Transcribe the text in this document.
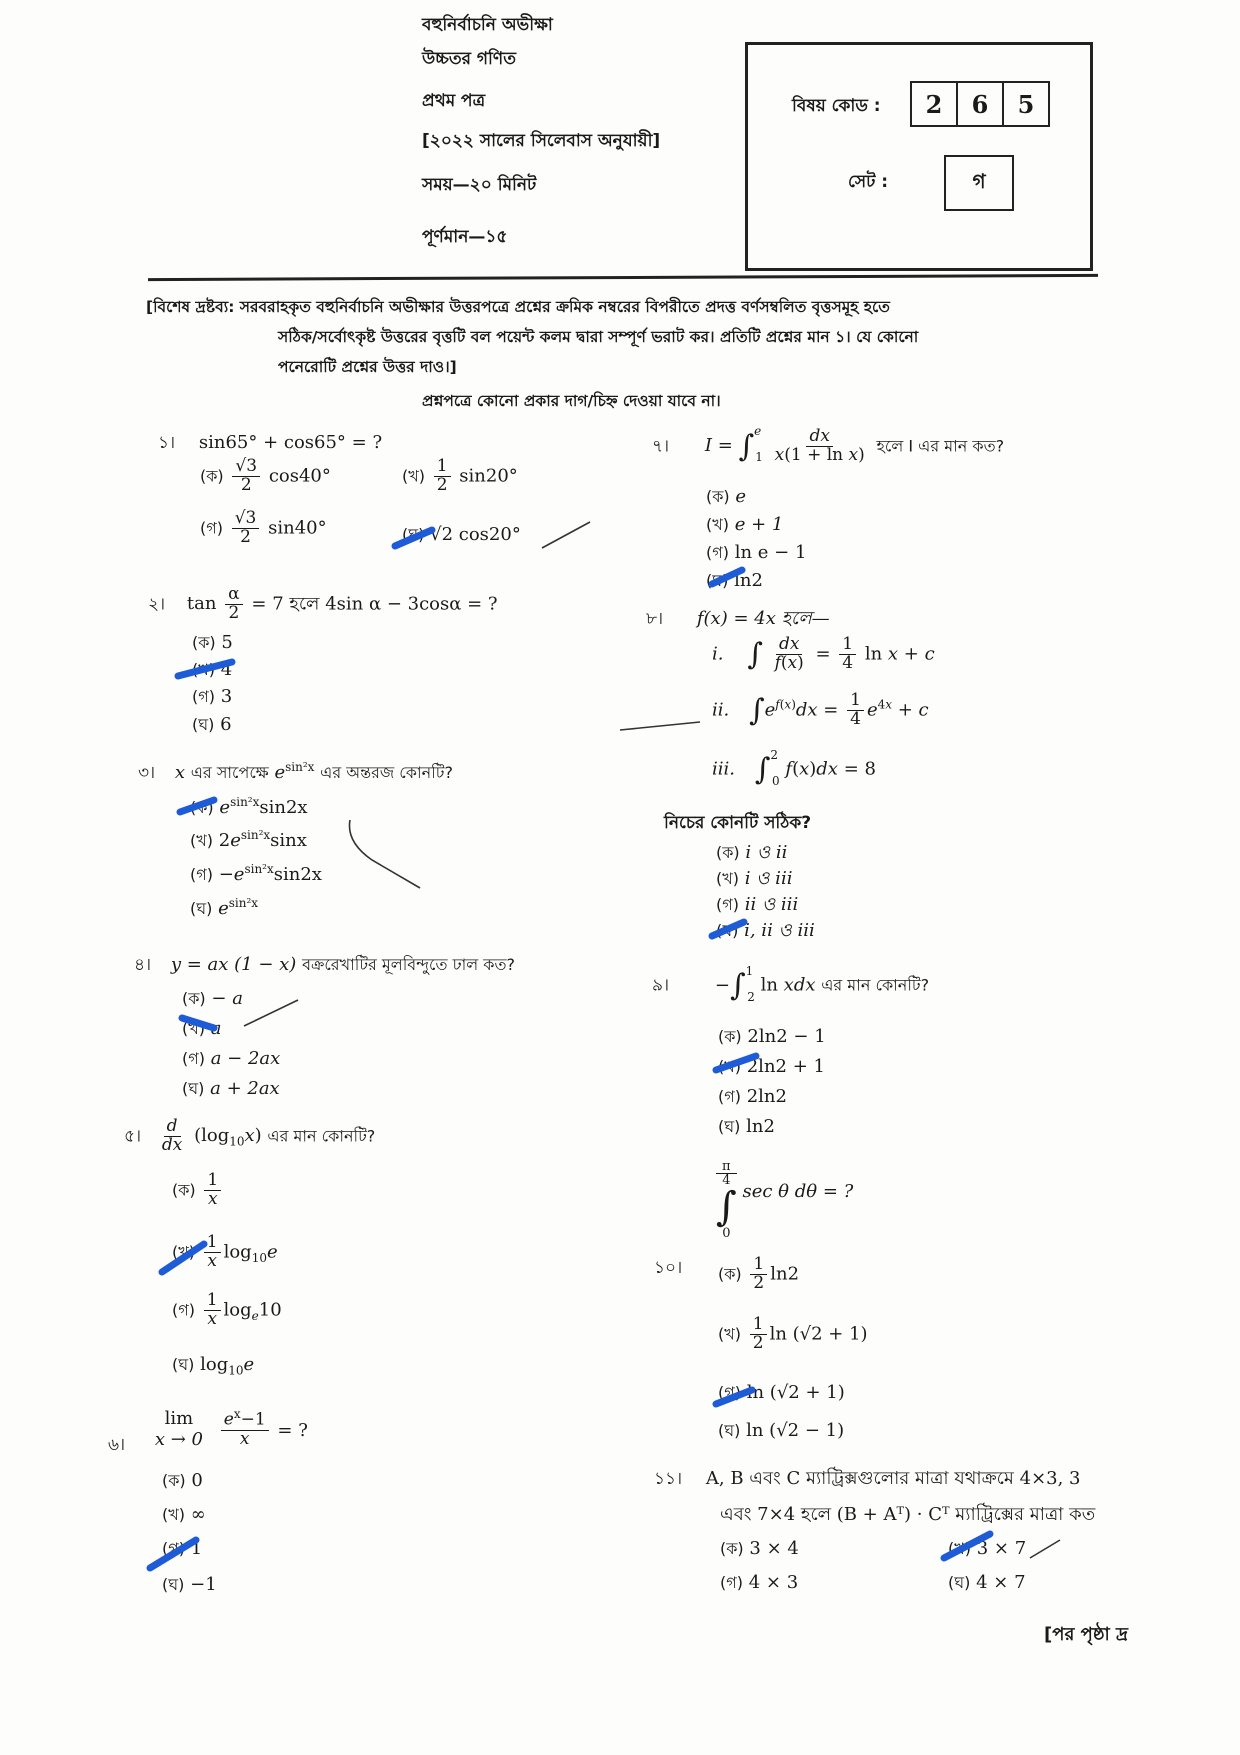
বহুনির্বাচনি অভীক্ষা
উচ্চতর গণিত
প্রথম পত্র
[২০২২ সালের সিলেবাস অনুযায়ী]
সময়—২০ মিনিট
পূর্ণমান—১৫
বিষয় কোড :	2	6	5
সেট :	গ
[বিশেষ দ্রষ্টব্য: সরবরাহকৃত বহুনির্বাচনি অভীক্ষার উত্তরপত্রে প্রশ্নের ক্রমিক নম্বরের বিপরীতে প্রদত্ত বর্ণসম্বলিত বৃত্তসমূহ হতে
সঠিক/সর্বোৎকৃষ্ট উত্তরের বৃত্তটি বল পয়েন্ট কলম দ্বারা সম্পূর্ণ ভরাট কর। প্রতিটি প্রশ্নের মান ১। যে কোনো
পনেরোটি প্রশ্নের উত্তর দাও।]
প্রশ্নপত্রে কোনো প্রকার দাগ/চিহ্ন দেওয়া যাবে না।
১। sin65° + cos65° = ?
(ক) $\frac{√3}{2} \cos 40^\circ$	(খ) $\frac{1}{2} \sin 20^\circ$
(গ) $\frac{√3}{2} \sin 40^\circ$	(ঘ) √2 cos20°
২। $\tan \frac{\alpha}{2} = 7$ হলে 4sin α − 3cosα = ?
(ক) 5
(খ) 4
(গ) 3
(ঘ) 6
৩। x এর সাপেক্ষে $e^{sin^2x}$ এর অন্তরজ কোনটি?
(ক) $e^{sin^2x}\sin 2x$
(খ) $2e^{sin^2x}\sin x$
(গ) $-e^{sin^2x}\sin 2x$
(ঘ) $e^{sin^2x}$
৪। y = ax (1 − x) বক্ররেখাটির মূলবিন্দুতে ঢাল কত?
(ক) − a
(খ) a
(গ) a − 2ax
(ঘ) a + 2ax
৫। $\frac{d}{dx} (\log_{10}x)$ এর মান কোনটি?
(ক) $\frac{1}{x}$
(খ) $\frac{1}{x} \log_{10}e$
(গ) $\frac{1}{x} \log_e10$
(ঘ) $\log_{10}e$
৬। lim
$x \to 0 \frac{e^x-1}{x}$ = ?
(ক) 0
(খ) ∞
(গ) 1
(ঘ) −1
৭। $I = \int^e_1 \frac{dx}{\text{x(1 + ln x)}}$ হলে I এর মান কত?
(ক) e
(খ) e + 1
(গ) ln e − 1
(ঘ) ln2
৮। f(x) = 4x হলে—
i. ∫ $\frac{dx}{f(x)} = \frac{1}{4}$ ln x + c
ii. $\int e^{f(x)}dx = \frac{1}{4} e^{4x} + c$
iii. ∫$^2_0$ f(x)dx = 8
নিচের কোনটি সঠিক?
(ক) i ও ii
(খ) i ও iii
(গ) ii ও iii
(ঘ) i, ii ও iii
৯।	−∫$^1_2$ ln xdx এর মান কোনটি?
(ক) 2ln2 − 1
(খ) 2ln2 + 1
(গ) 2ln2
(ঘ) ln2
১০।
π
4
∫
0
sec θ dθ = ?
(ক) $\frac{1}{2} \ln 2$
(খ) $\frac{1}{2}$ ln (√2 + 1)
(গ) ln (√2 + 1)
(ঘ) ln (√2 − 1)
১১। A, B এবং C ম্যাট্রিক্সগুলোর মাত্রা যথাক্রমে 4×3, 3
এবং 7×4 হলে (B + Aᵀ) · Cᵀ ম্যাট্রিক্সের মাত্রা কত
(ক) 3 × 4	(খ) 3 × 7
(গ) 4 × 3	(ঘ) 4 × 7
[পর পৃষ্ঠা দ্র
